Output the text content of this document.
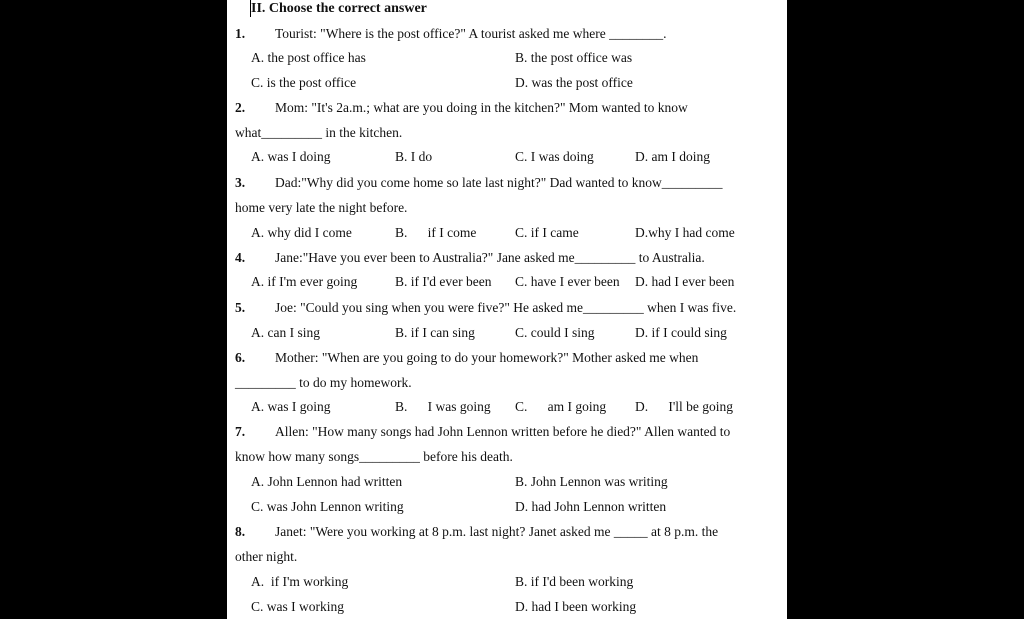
II. Choose the correct answer
1. Tourist: "Where is the post office?" A tourist asked me where ________.
A. the post office has	B. the post office was
C. is the post office	D. was the post office
2. Mom: "It's 2a.m.; what are you doing in the kitchen?" Mom wanted to know
what_________ in the kitchen.
A. was I doing	B. I do	C. I was doing	D. am I doing
3. Dad:"Why did you come home so late last night?" Dad wanted to know_________
home very late the night before.
A. why did I come	B.      if I come	C. if I came	D.why I had come
4. Jane:"Have you ever been to Australia?" Jane asked me_________ to Australia.
A. if I'm ever going	B. if I'd ever been C. have I ever been D. had I ever been
5. Joe: "Could you sing when you were five?" He asked me_________ when I was five.
A. can I sing	B. if I can sing	C. could I sing	D. if I could sing
6. Mother: "When are you going to do your homework?" Mother asked me when
_________ to do my homework.
A. was I going	B.      I was going C.      am I going D.      I'll be going
7. Allen: "How many songs had John Lennon written before he died?" Allen wanted to
know how many songs_________ before his death.
A. John Lennon had written	B. John Lennon was writing
C. was John Lennon writing	D. had John Lennon written
8. Janet: "Were you working at 8 p.m. last night? Janet asked me _____ at 8 p.m. the
other night.
A.  if I'm working	B. if I'd been working
C. was I working	D. had I been working
